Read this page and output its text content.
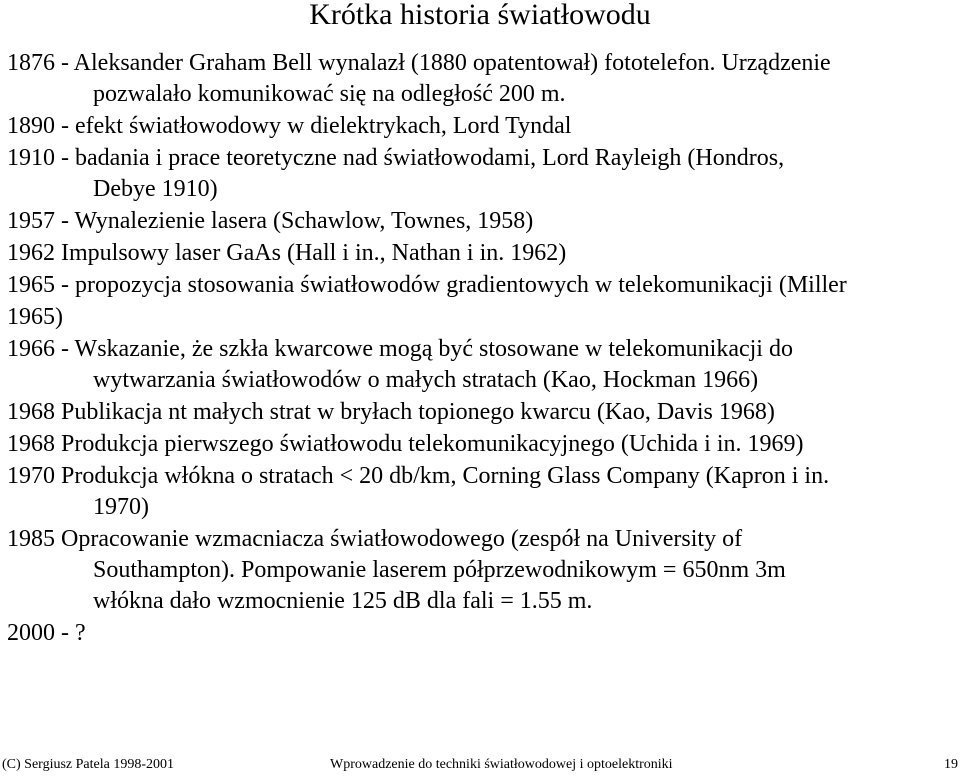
Krótka historia światłowodu
1876 - Aleksander Graham Bell wynalazł (1880 opatentował) fototelefon. Urządzenie
pozwalało komunikować się na odległość 200 m.
1890 - efekt światłowodowy w dielektrykach, Lord Tyndal
1910 - badania i prace teoretyczne nad światłowodami, Lord Rayleigh (Hondros,
Debye 1910)
1957 - Wynalezienie lasera (Schawlow, Townes, 1958)
1962 Impulsowy laser GaAs (Hall i in., Nathan i in. 1962)
1965 - propozycja stosowania światłowodów gradientowych w telekomunikacji (Miller
1965)
1966 - Wskazanie, że szkła kwarcowe mogą być stosowane w telekomunikacji do
wytwarzania światłowodów o małych stratach (Kao, Hockman 1966)
1968 Publikacja nt małych strat w bryłach topionego kwarcu (Kao, Davis 1968)
1968 Produkcja pierwszego światłowodu telekomunikacyjnego (Uchida i in. 1969)
1970 Produkcja włókna o stratach < 20 db/km, Corning Glass Company (Kapron i in.
1970)
1985 Opracowanie wzmacniacza światłowodowego (zespół na University of
Southampton). Pompowanie laserem półprzewodnikowym = 650nm 3m
włókna dało wzmocnienie 125 dB dla fali = 1.55 m.
2000 - ?
(C) Sergiusz Patela 1998-2001	Wprowadzenie do techniki światłowodowej i optoelektroniki	19
